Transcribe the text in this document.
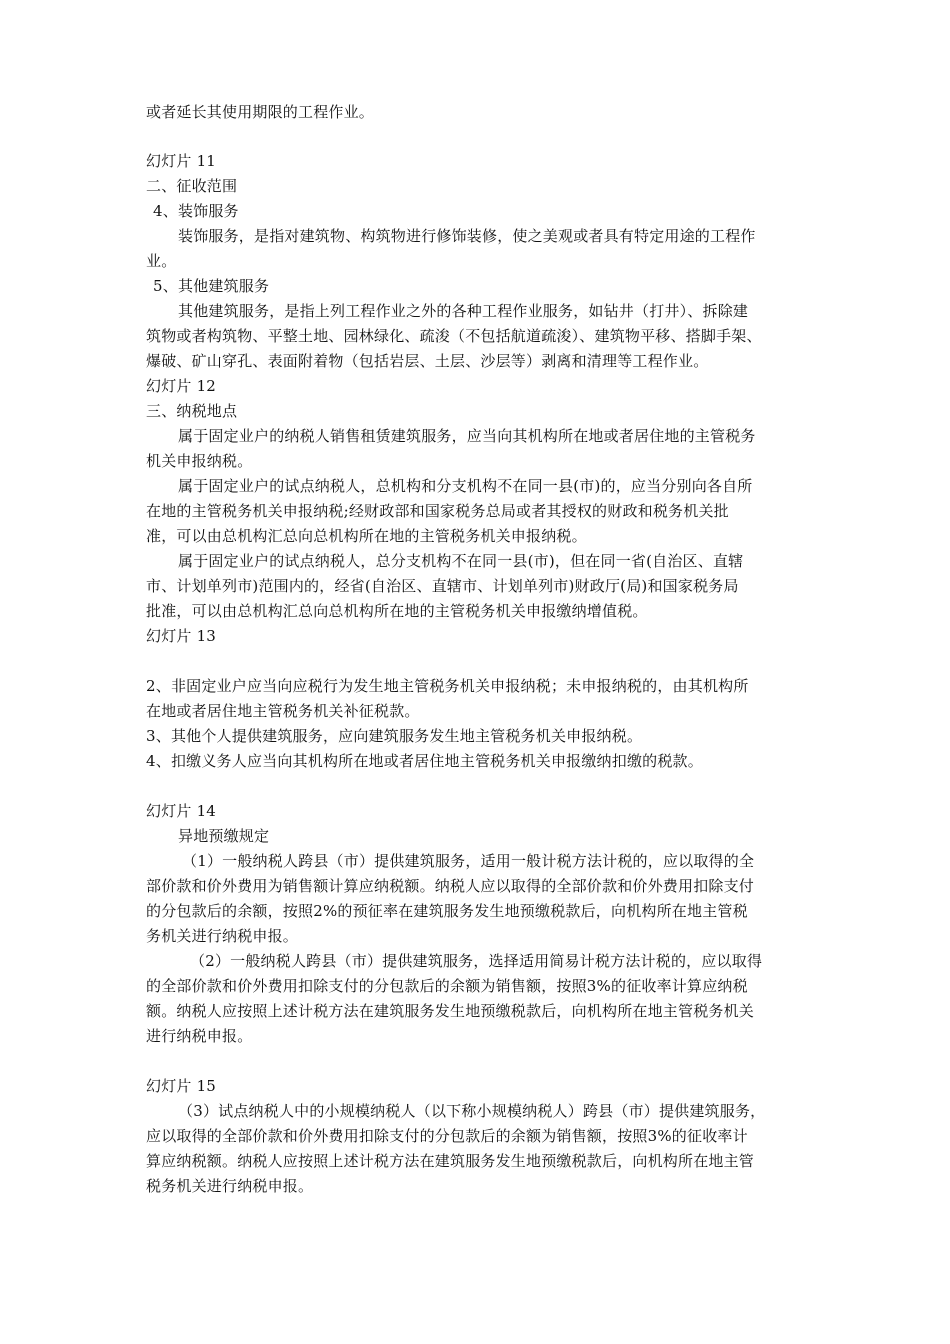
或者延长其使用期限的工程作业。
幻灯片 11
二、征收范围
4、装饰服务
装饰服务，是指对建筑物、构筑物进行修饰装修，使之美观或者具有特定用途的工程作
业。
5、其他建筑服务
其他建筑服务，是指上列工程作业之外的各种工程作业服务，如钻井（打井）、拆除建
筑物或者构筑物、平整土地、园林绿化、疏浚（不包括航道疏浚）、建筑物平移、搭脚手架、
爆破、矿山穿孔、表面附着物（包括岩层、土层、沙层等）剥离和清理等工程作业。
幻灯片 12
三、纳税地点
属于固定业户的纳税人销售租赁建筑服务，应当向其机构所在地或者居住地的主管税务
机关申报纳税。
属于固定业户的试点纳税人，总机构和分支机构不在同一县(市)的，应当分别向各自所
在地的主管税务机关申报纳税;经财政部和国家税务总局或者其授权的财政和税务机关批
准，可以由总机构汇总向总机构所在地的主管税务机关申报纳税。
属于固定业户的试点纳税人，总分支机构不在同一县(市)，但在同一省(自治区、直辖
市、计划单列市)范围内的，经省(自治区、直辖市、计划单列市)财政厅(局)和国家税务局
批准，可以由总机构汇总向总机构所在地的主管税务机关申报缴纳增值税。
幻灯片 13
2、非固定业户应当向应税行为发生地主管税务机关申报纳税；未申报纳税的，由其机构所
在地或者居住地主管税务机关补征税款。
3、其他个人提供建筑服务，应向建筑服务发生地主管税务机关申报纳税。
4、扣缴义务人应当向其机构所在地或者居住地主管税务机关申报缴纳扣缴的税款。
幻灯片 14
异地预缴规定
（1）一般纳税人跨县（市）提供建筑服务，适用一般计税方法计税的，应以取得的全
部价款和价外费用为销售额计算应纳税额。纳税人应以取得的全部价款和价外费用扣除支付
的分包款后的余额，按照2%的预征率在建筑服务发生地预缴税款后，向机构所在地主管税
务机关进行纳税申报。
（2）一般纳税人跨县（市）提供建筑服务，选择适用简易计税方法计税的，应以取得
的全部价款和价外费用扣除支付的分包款后的余额为销售额，按照3%的征收率计算应纳税
额。纳税人应按照上述计税方法在建筑服务发生地预缴税款后，向机构所在地主管税务机关
进行纳税申报。
幻灯片 15
（3）试点纳税人中的小规模纳税人（以下称小规模纳税人）跨县（市）提供建筑服务，
应以取得的全部价款和价外费用扣除支付的分包款后的余额为销售额，按照3%的征收率计
算应纳税额。纳税人应按照上述计税方法在建筑服务发生地预缴税款后，向机构所在地主管
税务机关进行纳税申报。
